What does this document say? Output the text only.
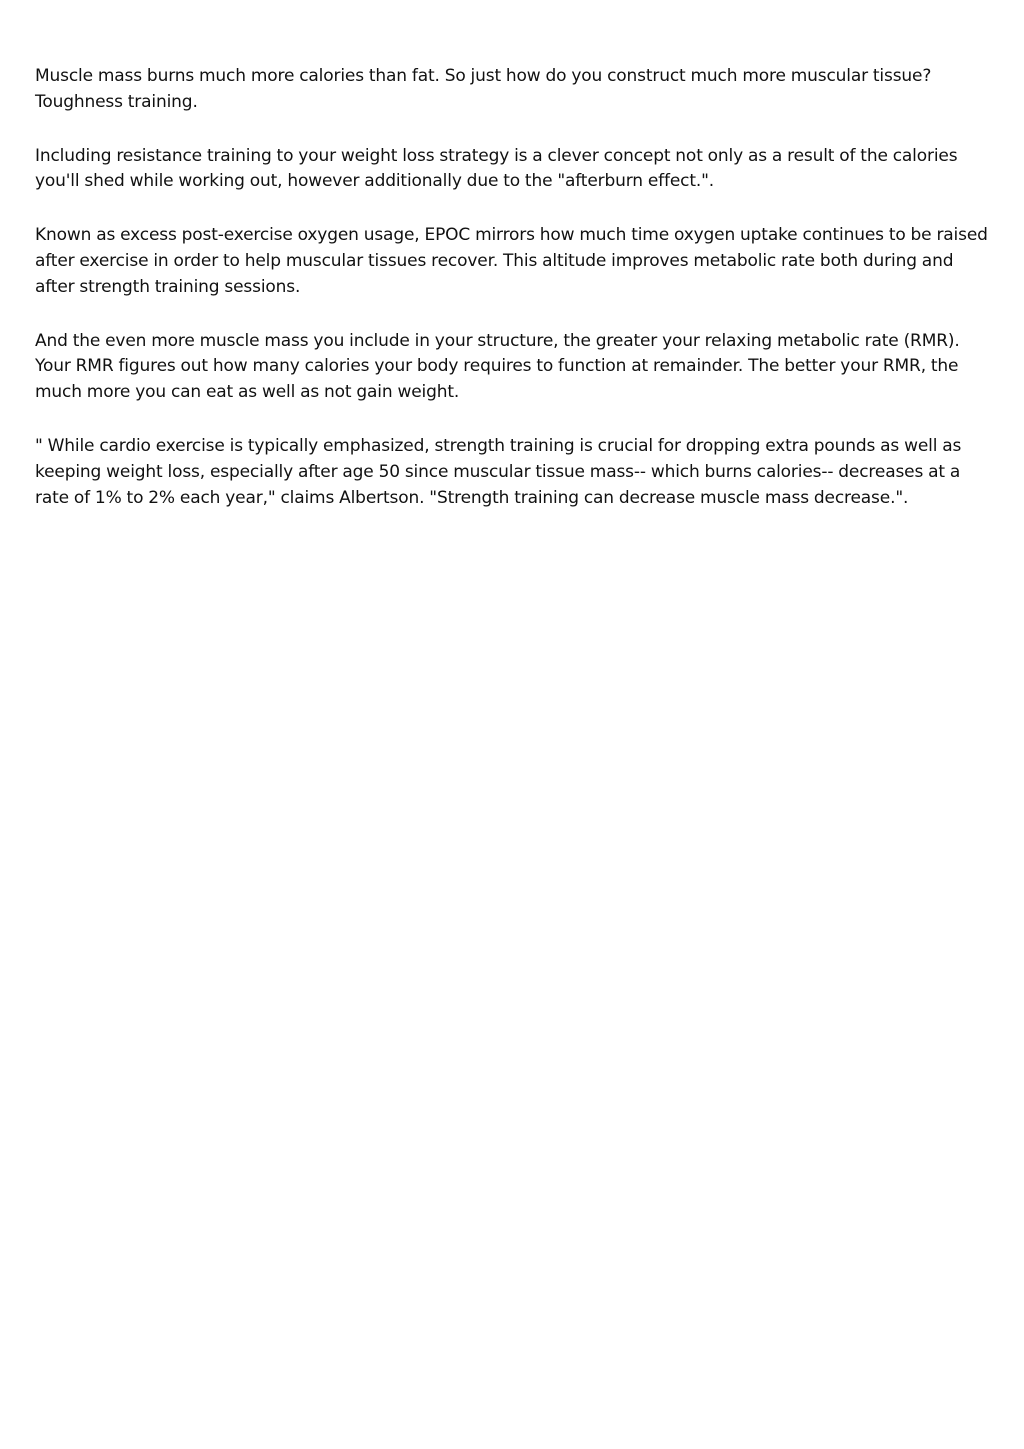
Muscle mass burns much more calories than fat. So just how do you construct much more muscular tissue? Toughness training.

Including resistance training to your weight loss strategy is a clever concept not only as a result of the calories you'll shed while working out, however additionally due to the "afterburn effect.".

Known as excess post-exercise oxygen usage, EPOC mirrors how much time oxygen uptake continues to be raised after exercise in order to help muscular tissues recover. This altitude improves metabolic rate both during and after strength training sessions.

And the even more muscle mass you include in your structure, the greater your relaxing metabolic rate (RMR). Your RMR figures out how many calories your body requires to function at remainder. The better your RMR, the much more you can eat as well as not gain weight.

" While cardio exercise is typically emphasized, strength training is crucial for dropping extra pounds as well as keeping weight loss, especially after age 50 since muscular tissue mass-- which burns calories-- decreases at a rate of 1% to 2% each year," claims Albertson. "Strength training can decrease muscle mass decrease.".
